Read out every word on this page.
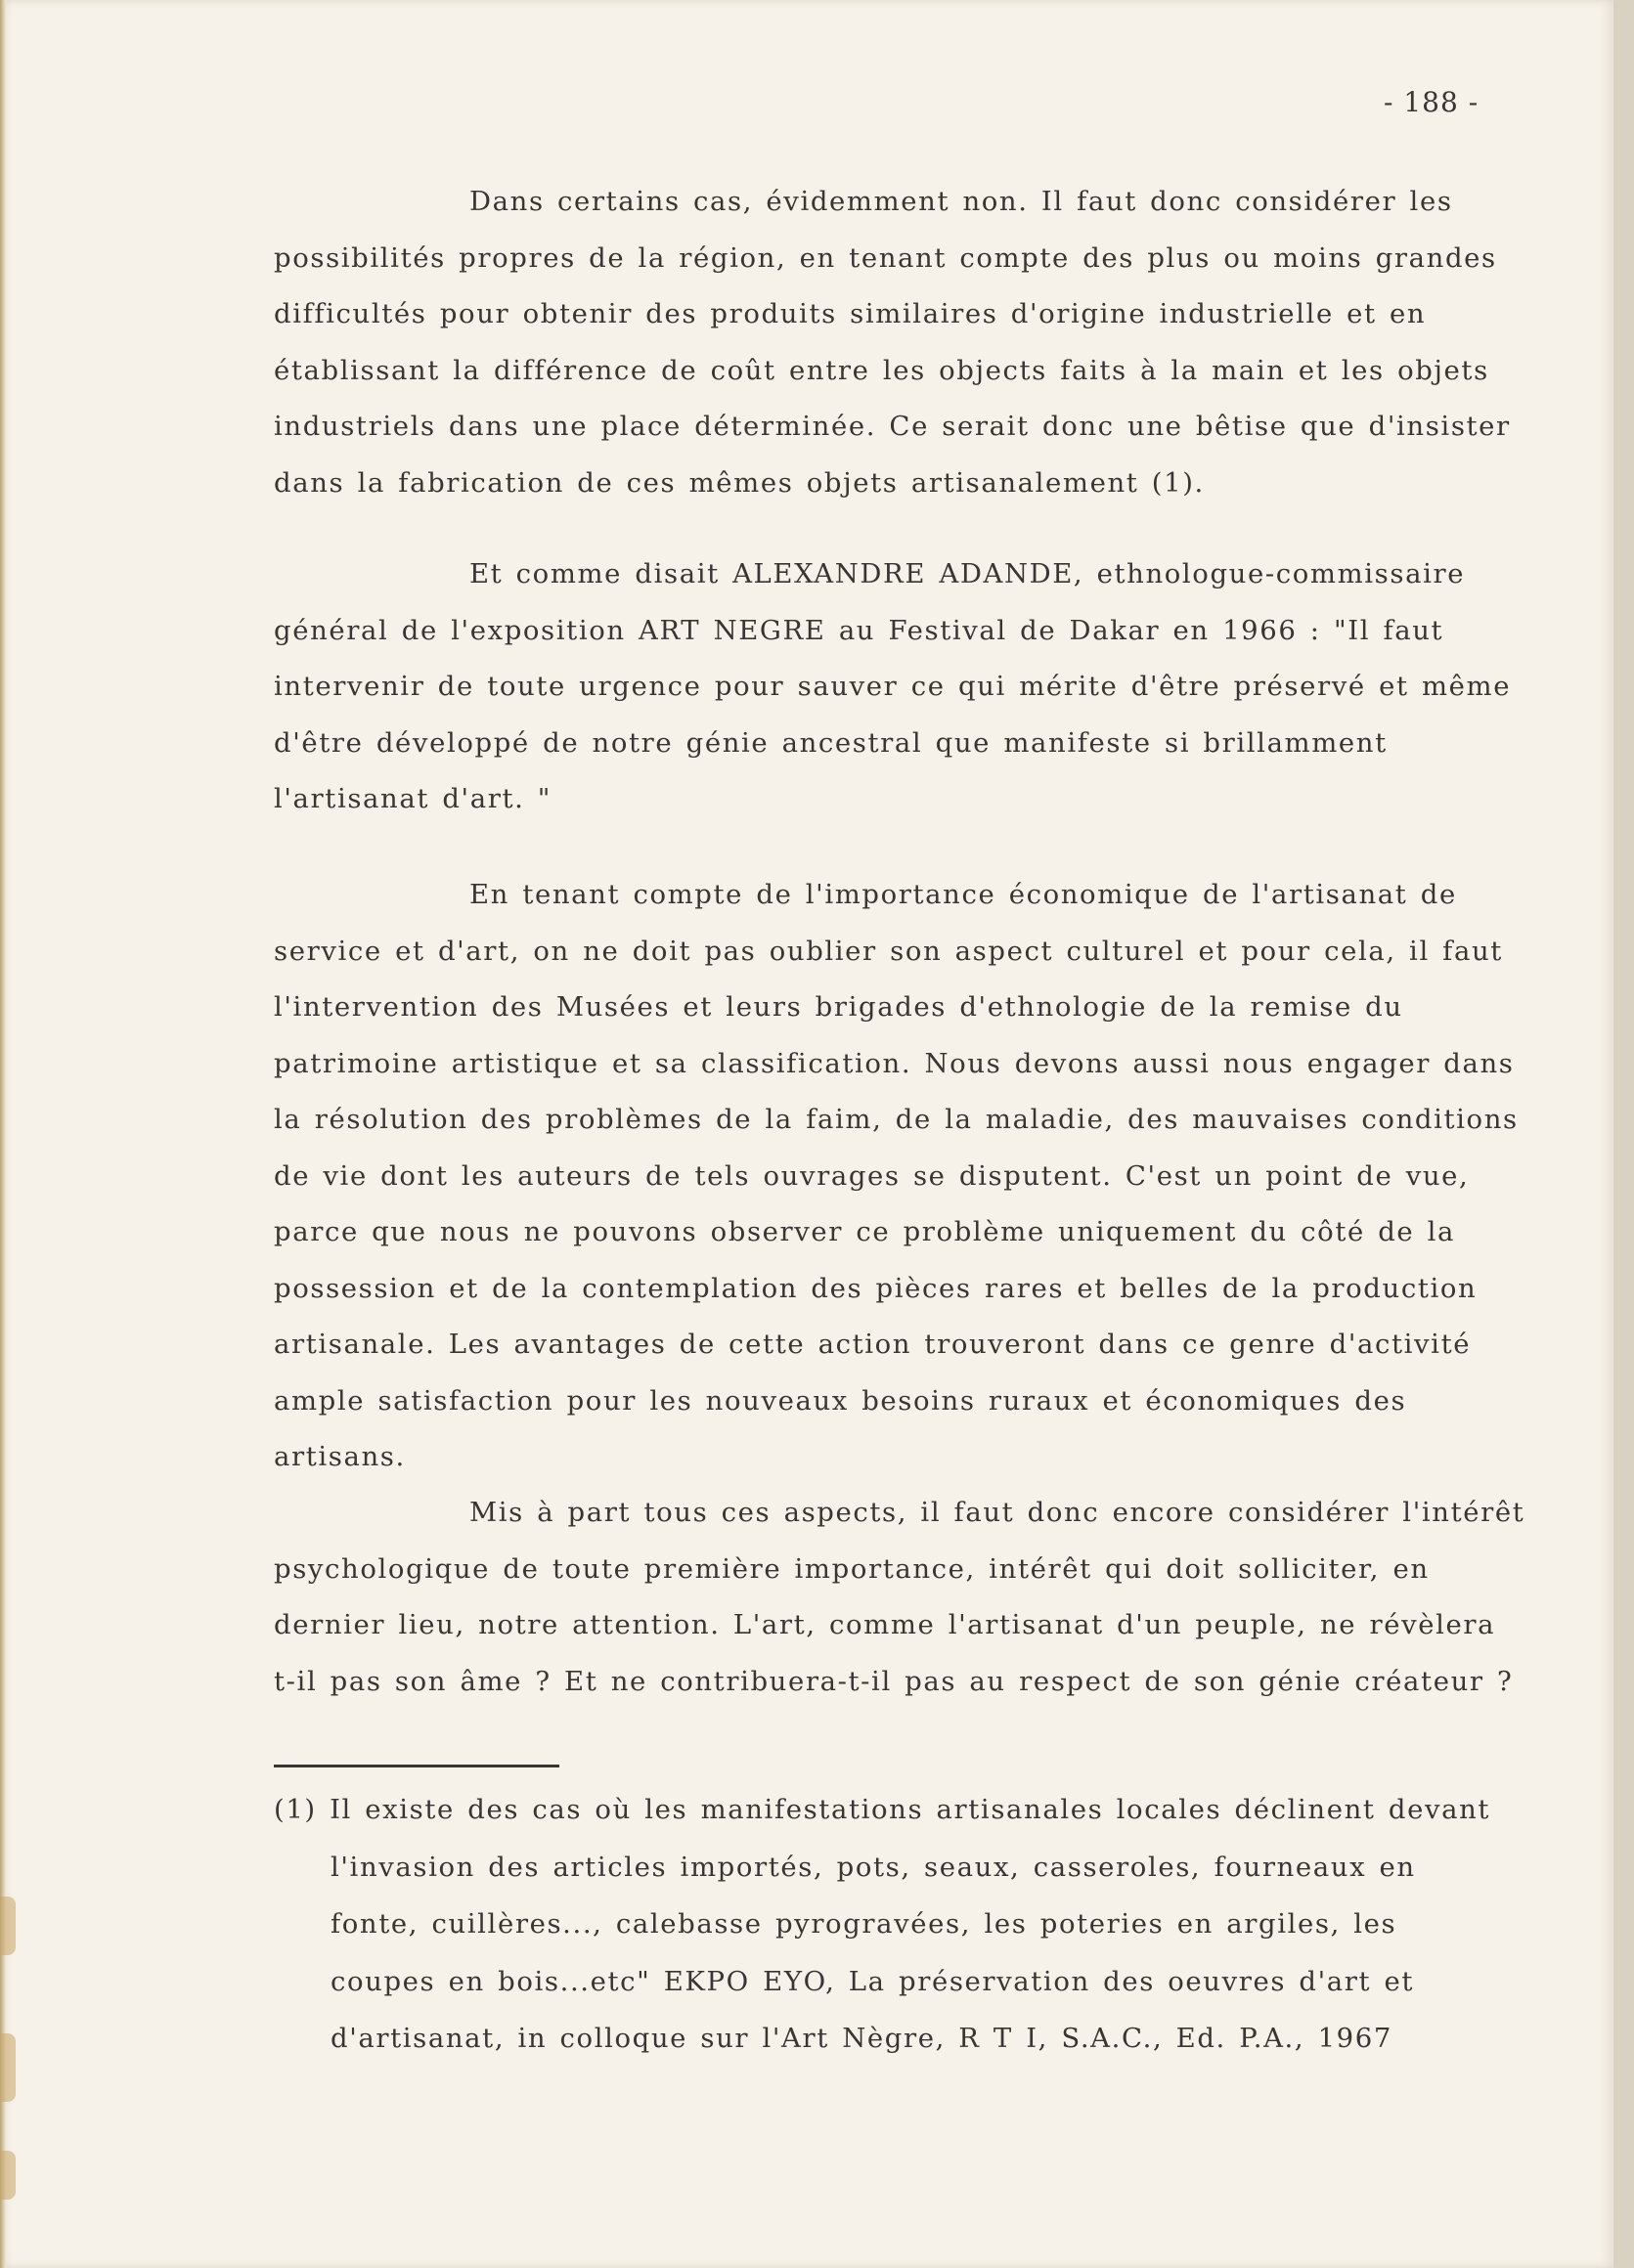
- 188 -

Dans certains cas, évidemment non. Il faut donc considérer les

possibilités propres de la région, en tenant compte des plus ou moins grandes

difficultés pour obtenir des produits similaires d'origine industrielle et en

établissant la différence de coût entre les objects faits à la main et les objets

industriels dans une place déterminée. Ce serait donc une bêtise que d'insister

dans la fabrication de ces mêmes objets artisanalement (1).

Et comme disait ALEXANDRE ADANDE, ethnologue-commissaire

général de l'exposition ART NEGRE au Festival de Dakar en 1966 : "Il faut

intervenir de toute urgence pour sauver ce qui mérite d'être préservé et même

d'être développé de notre génie ancestral que manifeste si brillamment

l'artisanat d'art. "

En tenant compte de l'importance économique de l'artisanat de

service et d'art, on ne doit pas oublier son aspect culturel et pour cela, il faut

l'intervention des Musées et leurs brigades d'ethnologie de la remise du

patrimoine artistique et sa classification. Nous devons aussi nous engager dans

la résolution des problèmes de la faim, de la maladie, des mauvaises conditions

de vie dont les auteurs de tels ouvrages se disputent. C'est un point de vue,

parce que nous ne pouvons observer ce problème uniquement du côté de la

possession et de la contemplation des pièces rares et belles de la production

artisanale. Les avantages de cette action trouveront dans ce genre d'activité

ample satisfaction pour les nouveaux besoins ruraux et économiques des

artisans.

Mis à part tous ces aspects, il faut donc encore considérer l'intérêt

psychologique de toute première importance, intérêt qui doit solliciter, en

dernier lieu, notre attention. L'art, comme l'artisanat d'un peuple, ne révèlera

t-il pas son âme ? Et ne contribuera-t-il pas au respect de son génie créateur ?

(1) Il existe des cas où les manifestations artisanales locales déclinent devant

l'invasion des articles importés, pots, seaux, casseroles, fourneaux en

fonte, cuillères..., calebasse pyrogravées, les poteries en argiles, les

coupes en bois...etc" EKPO EYO, La préservation des oeuvres d'art et

d'artisanat, in colloque sur l'Art Nègre, R T I, S.A.C., Ed. P.A., 1967
